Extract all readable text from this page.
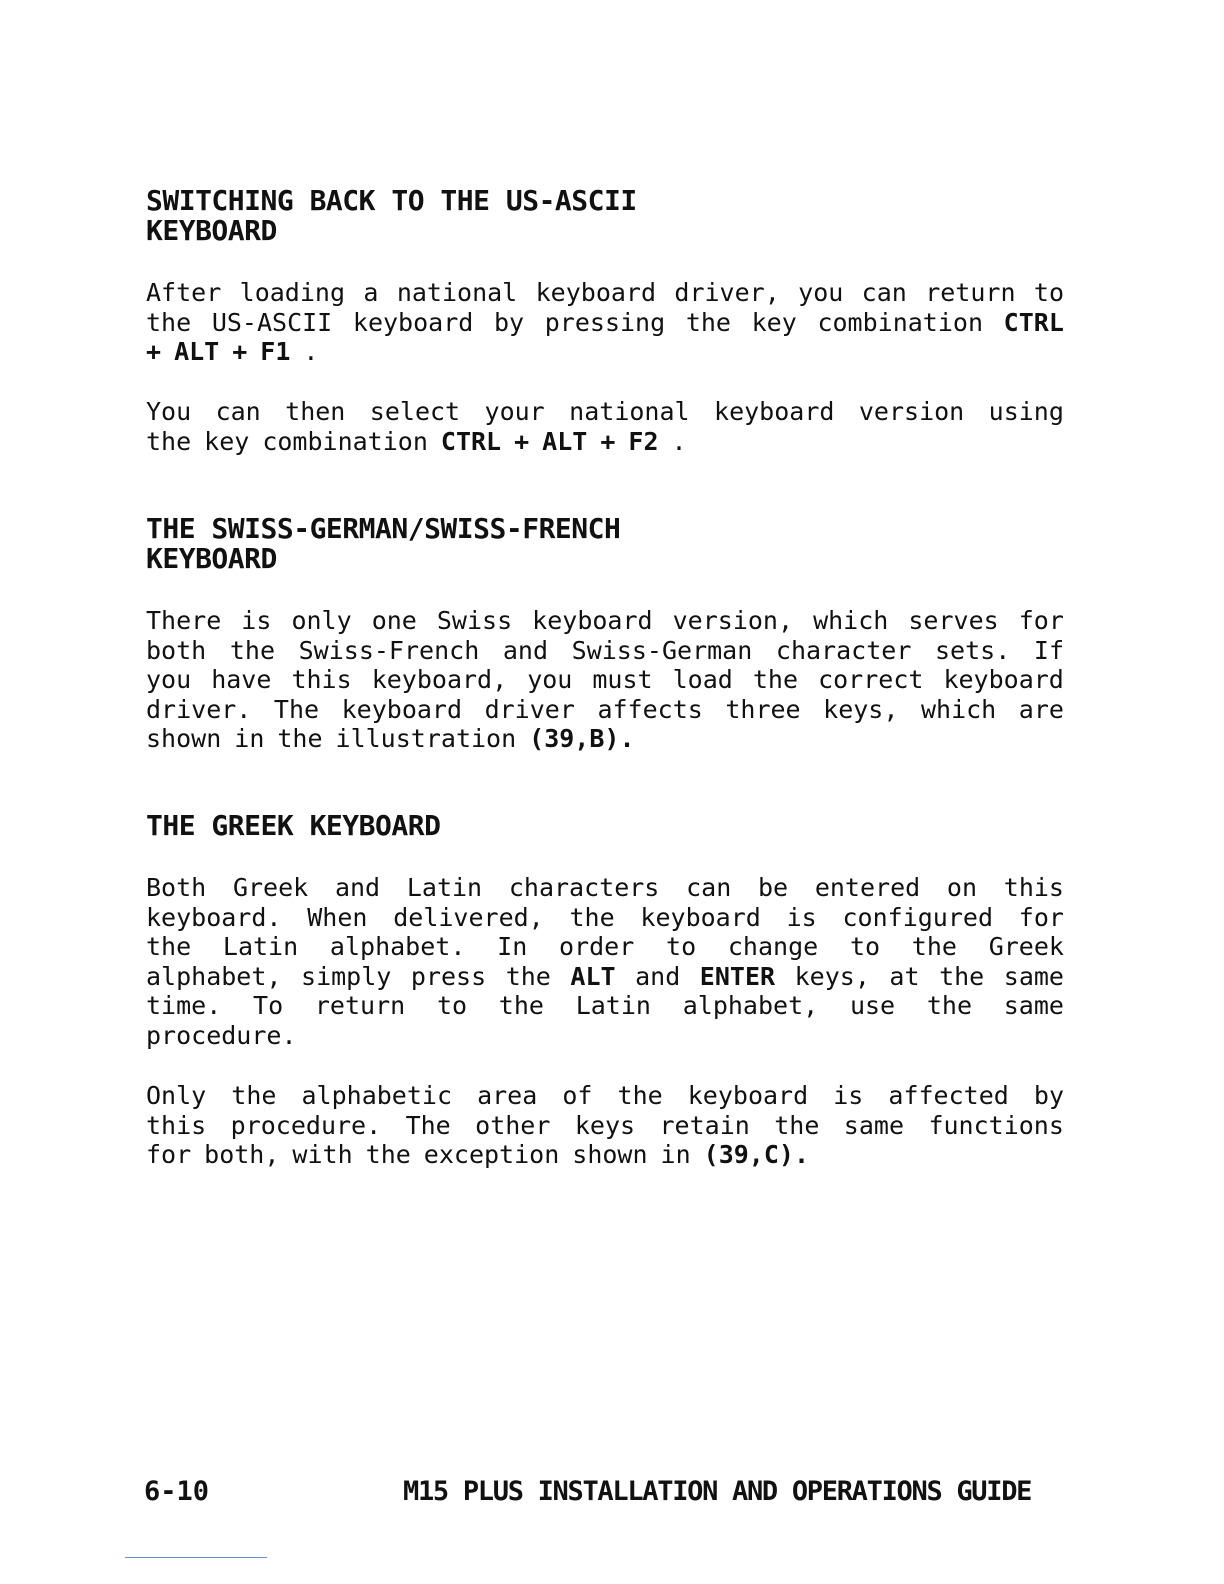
SWITCHING BACK TO THE US-ASCII
KEYBOARD
After loading a national keyboard driver, you can return to
the US-ASCII keyboard by pressing the key combination CTRL
+ ALT + F1 .
You can then select your national keyboard version using
the key combination CTRL + ALT + F2 .
THE SWISS-GERMAN/SWISS-FRENCH
KEYBOARD
There is only one Swiss keyboard version, which serves for
both the Swiss-French and Swiss-German character sets. If
you have this keyboard, you must load the correct keyboard
driver. The keyboard driver affects three keys, which are
shown in the illustration (39,B).
THE GREEK KEYBOARD
Both Greek and Latin characters can be entered on this
keyboard. When delivered, the keyboard is configured for
the Latin alphabet. In order to change to the Greek
alphabet, simply press the ALT and ENTER keys, at the same
time. To return to the Latin alphabet, use the same
procedure.
Only the alphabetic area of the keyboard is affected by
this procedure. The other keys retain the same functions
for both, with the exception shown in (39,C).
6-10	M15 PLUS INSTALLATION AND OPERATIONS GUIDE
